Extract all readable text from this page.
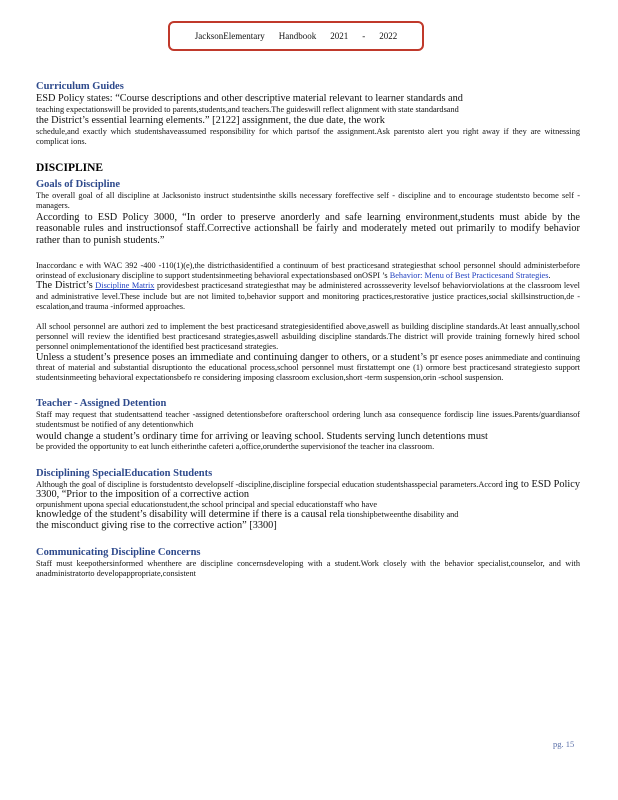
JacksonElementary Handbook 2021 - 2022
Curriculum Guides

ESD Policy states: “Course descriptions and other descriptive material relevant to learner standards and

teaching expectationswill be provided to parents,students,and teachers.The guideswill reflect alignment with state standardsand

the District’s essential learning elements.” [2122] assignment, the due date, the work

schedule,and exactly which studentshaveassumed responsibility for which partsof the assignment.Ask parentsto alert you right away if they are witnessing complicat ions.

DISCIPLINE
Goals of Discipline

The overall goal of all discipline at Jacksonisto instruct studentsinthe skills necessary foreffective self - discipline and to encourage studentsto become self -managers.

According to ESD Policy 3000, “In order to preserve anorderly and safe learning environment,students must abide by the reasonable rules and instructionsof staff.Corrective actionshall be fairly and moderately meted out primarily to modify behavior rather than to punish students.”

Inaccordanc e with WAC 392 -400 -110(1)(e),the districthasidentified a continuum of best practicesand strategiesthat school personnel should administerbefore orinstead of exclusionary discipline to support studentsinmeeting behavioral expectationsbased onOSPI ’s Behavior: Menu of Best Practicesand Strategies.

The District’s Discipline Matrix providesbest practicesand strategiesthat may be administered acrossseverity levelsof behaviorviolations at the classroom level and administrative level.These include but are not limited to,behavior support and monitoring practices,restorative justice practices,social skillsinstruction,de - escalation,and trauma -informed approaches.

All school personnel are authori zed to implement the best practicesand strategiesidentified above,aswell as building discipline standards.At least annually,school personnel will review the identified best practicesand strategies,aswell asbuilding discipline standards.The district will provide training fornewly hired school personnel onimplementationof the identified best practicesand strategies.

Unless a student’s presence poses an immediate and continuing danger to others, or a student’s pr esence poses animmediate and continuing threat of material and substantial disruptionto the educational process,school personnel must firstattempt one (1) ormore best practicesand strategiesto support studentsinmeeting behavioral expectationsbefo re considering imposing classroom exclusion,short -term suspension,orin -school suspension.

Teacher - Assigned Detention

Staff may request that studentsattend teacher -assigned detentionsbefore orafterschool ordering lunch asa consequence fordiscip line issues.Parents/guardiansof studentsmust be notified of any detentionwhich

would change a student’s ordinary time for arriving or leaving school. Students serving lunch detentions must

be provided the opportunity to eat lunch eitherinthe cafeteri a,office,orunderthe supervisionof the teacher ina classroom.

Disciplining SpecialEducation Students

Although the goal of discipline is forstudentsto developself -discipline,discipline forspecial education studentshasspecial parameters.Accord ing to ESD Policy 3300, “Prior to the imposition of a corrective action

orpunishment upona special educationstudent,the school principal and special educationstaff who have

knowledge of the student’s disability will determine if there is a causal rela tionshipbetweenthe disability and

the misconduct giving rise to the corrective action” [3300]

Communicating Discipline Concerns

Staff must keepothersinformed whenthere are discipline concernsdeveloping with a student.Work closely with the behavior specialist,counselor, and with anadministratorto developappropriate,consistent

pg. 15
